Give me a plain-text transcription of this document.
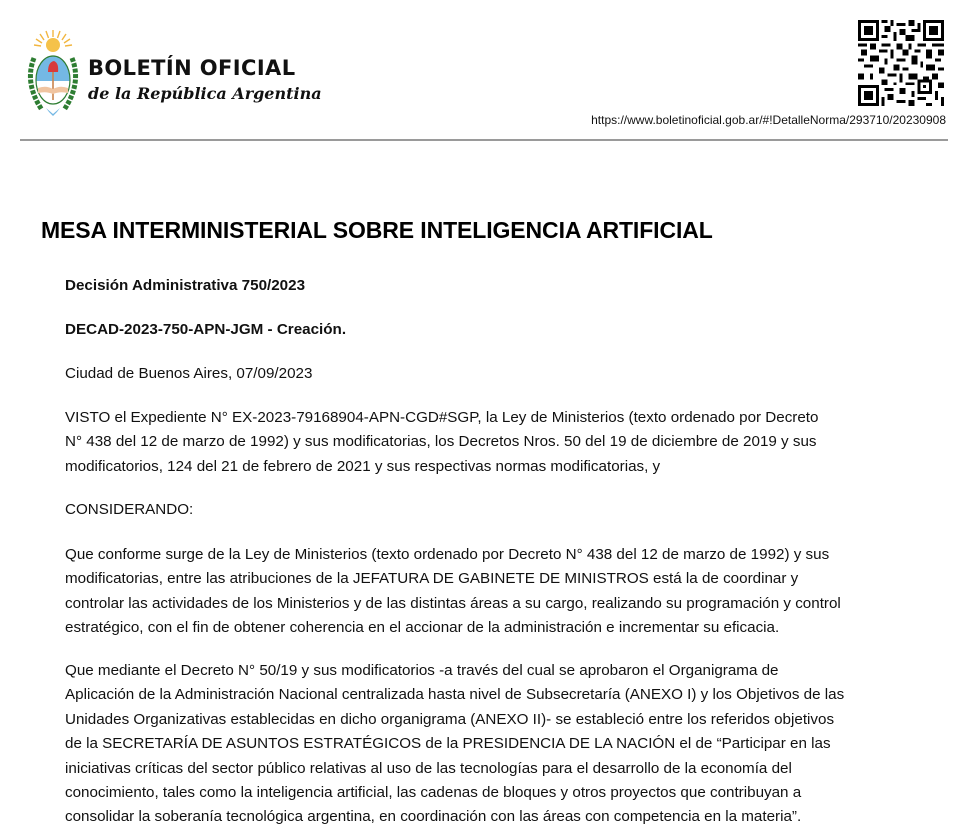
BOLETÍN OFICIAL
de la República Argentina
https://www.boletinoficial.gob.ar/#!DetalleNorma/293710/20230908
MESA INTERMINISTERIAL SOBRE INTELIGENCIA ARTIFICIAL
Decisión Administrativa 750/2023
DECAD-2023-750-APN-JGM - Creación.
Ciudad de Buenos Aires, 07/09/2023
VISTO el Expediente N° EX-2023-79168904-APN-CGD#SGP, la Ley de Ministerios (texto ordenado por Decreto
N° 438 del 12 de marzo de 1992) y sus modificatorias, los Decretos Nros. 50 del 19 de diciembre de 2019 y sus
modificatorios, 124 del 21 de febrero de 2021 y sus respectivas normas modificatorias, y
CONSIDERANDO:
Que conforme surge de la Ley de Ministerios (texto ordenado por Decreto N° 438 del 12 de marzo de 1992) y sus
modificatorias, entre las atribuciones de la JEFATURA DE GABINETE DE MINISTROS está la de coordinar y
controlar las actividades de los Ministerios y de las distintas áreas a su cargo, realizando su programación y control
estratégico, con el fin de obtener coherencia en el accionar de la administración e incrementar su eficacia.
Que mediante el Decreto N° 50/19 y sus modificatorios -a través del cual se aprobaron el Organigrama de
Aplicación de la Administración Nacional centralizada hasta nivel de Subsecretaría (ANEXO I) y los Objetivos de las
Unidades Organizativas establecidas en dicho organigrama (ANEXO II)- se estableció entre los referidos objetivos
de la SECRETARÍA DE ASUNTOS ESTRATÉGICOS de la PRESIDENCIA DE LA NACIÓN el de “Participar en las
iniciativas críticas del sector público relativas al uso de las tecnologías para el desarrollo de la economía del
conocimiento, tales como la inteligencia artificial, las cadenas de bloques y otros proyectos que contribuyan a
consolidar la soberanía tecnológica argentina, en coordinación con las áreas con competencia en la materia”.
